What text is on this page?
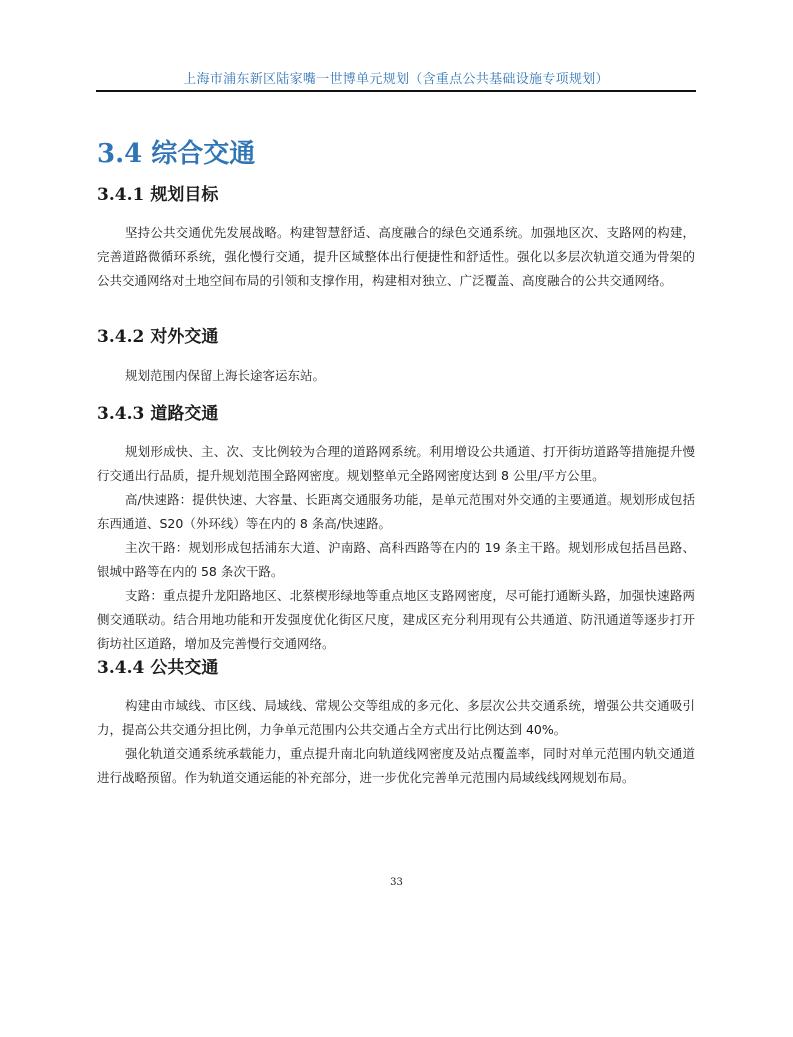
上海市浦东新区陆家嘴一世博单元规划（含重点公共基础设施专项规划）
3.4 综合交通
3.4.1 规划目标

坚持公共交通优先发展战略。构建智慧舒适、高度融合的绿色交通系统。加强地区次、支路网的构建，完善道路微循环系统，强化慢行交通，提升区域整体出行便捷性和舒适性。强化以多层次轨道交通为骨架的公共交通网络对土地空间布局的引领和支撑作用，构建相对独立、广泛覆盖、高度融合的公共交通网络。

3.4.2 对外交通

规划范围内保留上海长途客运东站。

3.4.3 道路交通

规划形成快、主、次、支比例较为合理的道路网系统。利用增设公共通道、打开街坊道路等措施提升慢行交通出行品质，提升规划范围全路网密度。规划整单元全路网密度达到 8 公里/平方公里。

高/快速路：提供快速、大容量、长距离交通服务功能，是单元范围对外交通的主要通道。规划形成包括东西通道、S20（外环线）等在内的 8 条高/快速路。

主次干路：规划形成包括浦东大道、沪南路、高科西路等在内的 19 条主干路。规划形成包括昌邑路、银城中路等在内的 58 条次干路。

支路：重点提升龙阳路地区、北蔡楔形绿地等重点地区支路网密度，尽可能打通断头路，加强快速路两侧交通联动。结合用地功能和开发强度优化街区尺度，建成区充分利用现有公共通道、防汛通道等逐步打开街坊社区道路，增加及完善慢行交通网络。

3.4.4 公共交通

构建由市域线、市区线、局域线、常规公交等组成的多元化、多层次公共交通系统，增强公共交通吸引力，提高公共交通分担比例，力争单元范围内公共交通占全方式出行比例达到 40%。

强化轨道交通系统承载能力，重点提升南北向轨道线网密度及站点覆盖率，同时对单元范围内轨交通道进行战略预留。作为轨道交通运能的补充部分，进一步优化完善单元范围内局域线线网规划布局。

33
